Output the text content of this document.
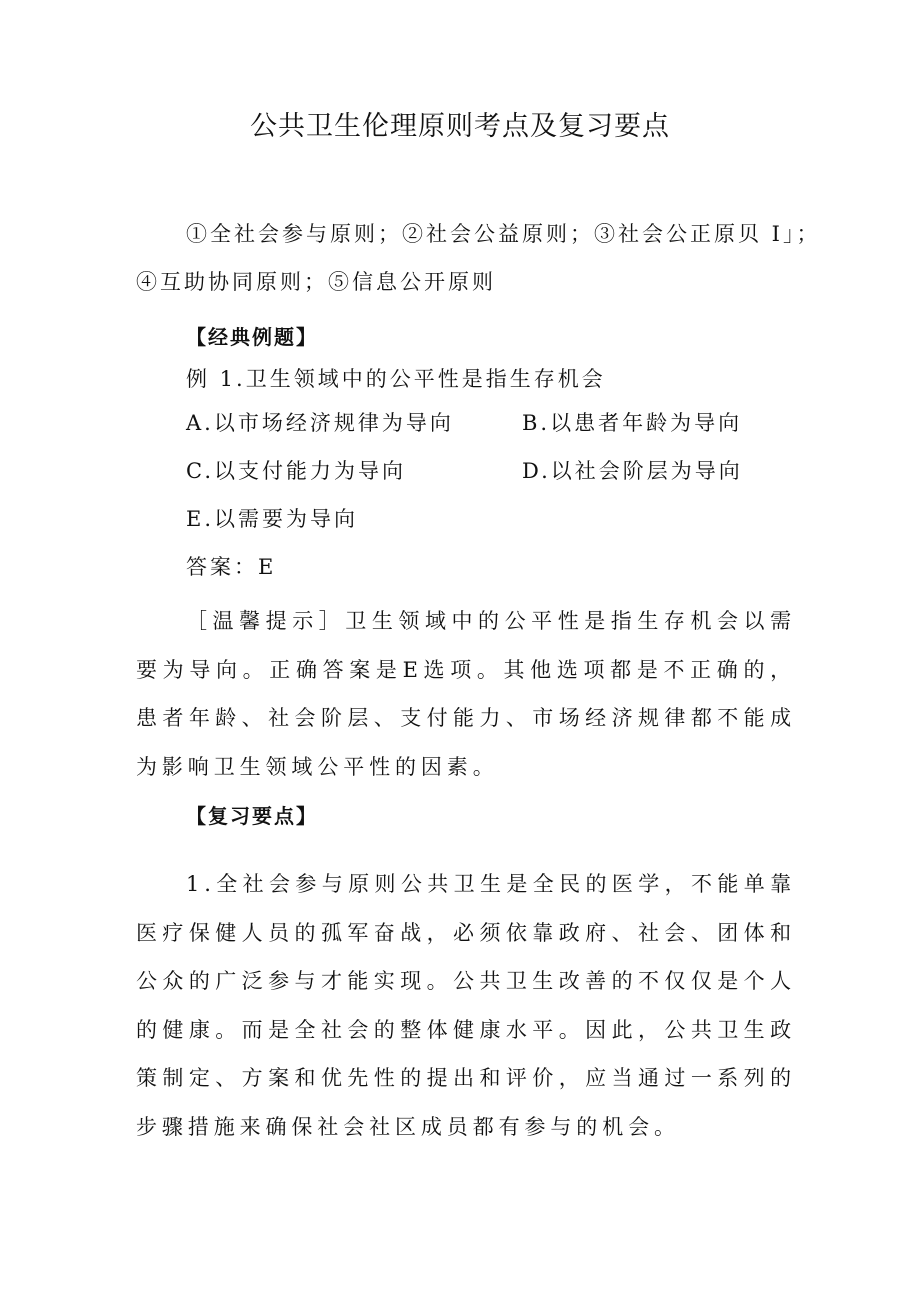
公共卫生伦理原则考点及复习要点
①全社会参与原则；②社会公益原则；③社会公正原贝 I」；
④互助协同原则；⑤信息公开原则
【经典例题】
例 1.卫生领域中的公平性是指生存机会
A.以市场经济规律为导向	B.以患者年龄为导向
C.以支付能力为导向	D.以社会阶层为导向
E.以需要为导向
答案：E
［温馨提示］卫生领域中的公平性是指生存机会以需要为导向。正确答案是E选项。其他选项都是不正确的，患者年龄、社会阶层、支付能力、市场经济规律都不能成为影响卫生领域公平性的因素。
【复习要点】
1.全社会参与原则公共卫生是全民的医学，不能单靠医疗保健人员的孤军奋战，必须依靠政府、社会、团体和公众的广泛参与才能实现。公共卫生改善的不仅仅是个人的健康。而是全社会的整体健康水平。因此，公共卫生政策制定、方案和优先性的提出和评价，应当通过一系列的步骤措施来确保社会社区成员都有参与的机会。
